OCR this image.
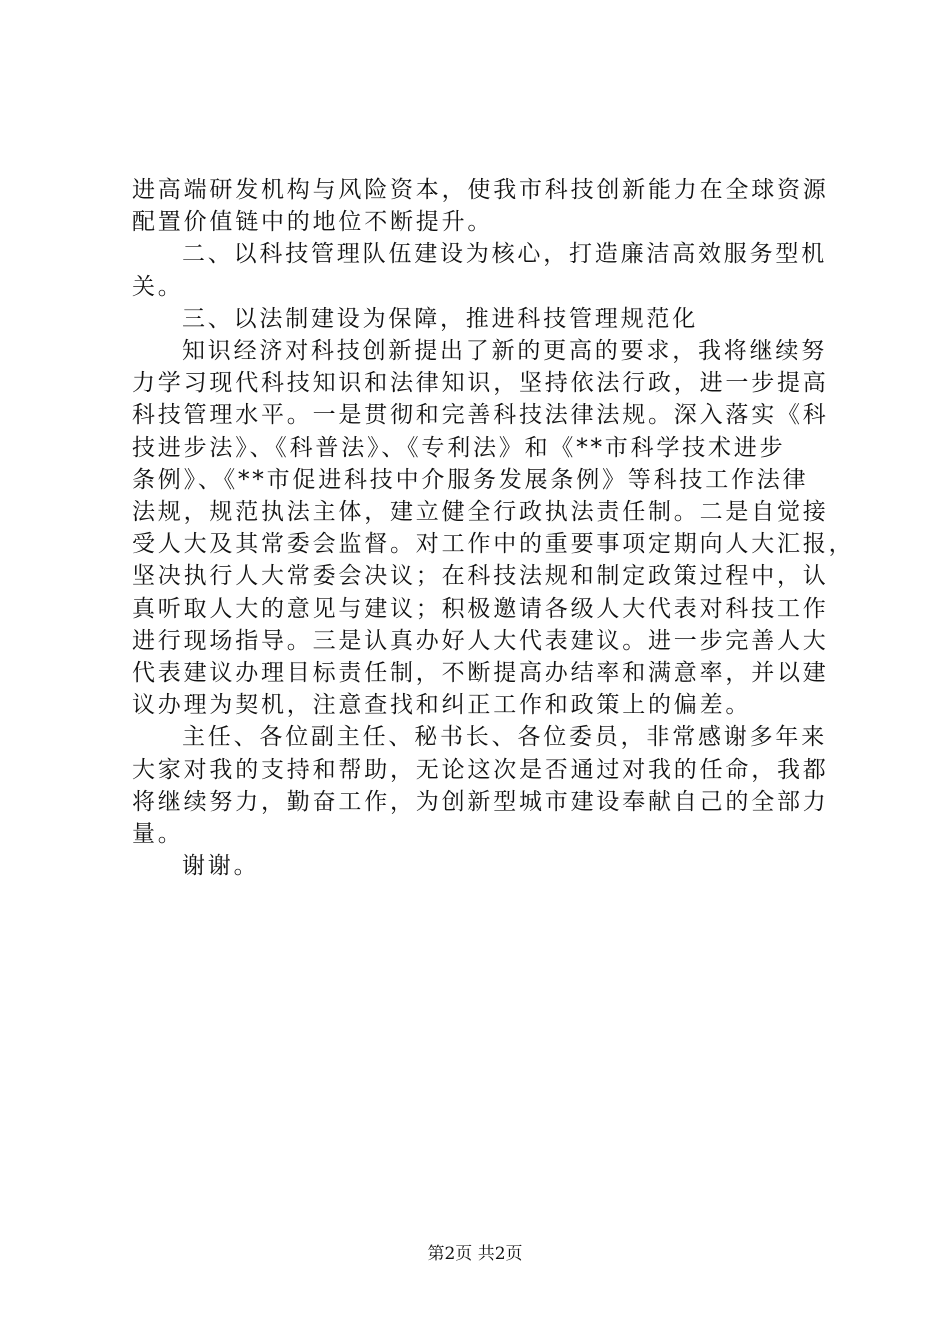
进高端研发机构与风险资本，使我市科技创新能力在全球资源
配置价值链中的地位不断提升。
二、以科技管理队伍建设为核心，打造廉洁高效服务型机
关。
三、以法制建设为保障，推进科技管理规范化
知识经济对科技创新提出了新的更高的要求，我将继续努
力学习现代科技知识和法律知识，坚持依法行政，进一步提高
科技管理水平。一是贯彻和完善科技法律法规。深入落实《科
技进步法》、《科普法》、《专利法》和《**市科学技术进步
条例》、《**市促进科技中介服务发展条例》等科技工作法律
法规，规范执法主体，建立健全行政执法责任制。二是自觉接
受人大及其常委会监督。对工作中的重要事项定期向人大汇报，
坚决执行人大常委会决议；在科技法规和制定政策过程中，认
真听取人大的意见与建议；积极邀请各级人大代表对科技工作
进行现场指导。三是认真办好人大代表建议。进一步完善人大
代表建议办理目标责任制，不断提高办结率和满意率，并以建
议办理为契机，注意查找和纠正工作和政策上的偏差。
主任、各位副主任、秘书长、各位委员，非常感谢多年来
大家对我的支持和帮助，无论这次是否通过对我的任命，我都
将继续努力，勤奋工作，为创新型城市建设奉献自己的全部力
量。
谢谢。
第2页 共2页
